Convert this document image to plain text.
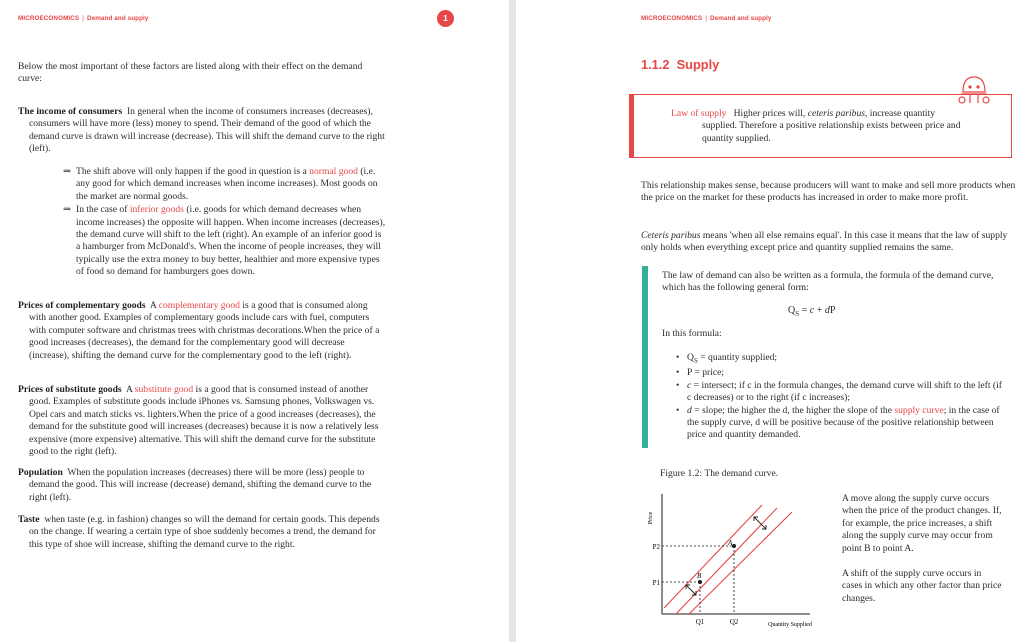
MICROECONOMICS | Demand and supply	1
Below the most important of these factors are listed along with their effect on the demand curve:

The income of consumers In general when the income of consumers increases (decreases), consumers will have more (less) money to spend. Their demand of the good of which the demand curve is drawn will increase (decrease). This will shift the demand curve to the right (left).

⇒ The shift above will only happen if the good in question is a normal good (i.e. any good for which demand increases when income increases). Most goods on the market are normal goods.

⇒ In the case of inferior goods (i.e. goods for which demand decreases when income increases) the opposite will happen. When income increases (decreases), the demand curve will shift to the left (right). An example of an inferior good is a hamburger from McDonald's. When the income of people increases, they will typically use the extra money to buy better, healthier and more expensive types of food so demand for hamburgers goes down.

Prices of complementary goods A complementary good is a good that is consumed along with another good. Examples of complementary goods include cars with fuel, computers with computer software and christmas trees with christmas decorations.When the price of a good increases (decreases), the demand for the complementary good will decrease (increase), shifting the demand curve for the complementary good to the left (right).

Prices of substitute goods A substitute good is a good that is consumed instead of another good. Examples of substitute goods include iPhones vs. Samsung phones, Volkswagen vs. Opel cars and match sticks vs. lighters.When the price of a good increases (decreases), the demand for the substitute good will increases (decreases) because it is now a relatively less expensive (more expensive) alternative. This will shift the demand curve for the substitute good to the right (left).

Population When the population increases (decreases) there will be more (less) people to demand the good. This will increase (decrease) demand, shifting the demand curve to the right (left).

Taste when taste (e.g. in fashion) changes so will the demand for certain goods. This depends on the change. If wearing a certain type of shoe suddenly becomes a trend, the demand for this type of shoe will increase, shifting the demand curve to the right.

MICROECONOMICS | Demand and supply
1.1.2 Supply
Law of supply Higher prices will, ceteris paribus, increase quantity supplied. Therefore a positive relationship exists between price and quantity supplied.
This relationship makes sense, because producers will want to make and sell more products when the price on the market for these products has increased in order to make more profit.
Ceteris paribus means 'when all else remains equal'. In this case it means that the law of supply only holds when everything except price and quantity supplied remains the same.
The law of demand can also be written as a formula, the formula of the demand curve, which has the following general form:
$Q_S = c$ + dP
In this formula:
• $Q_S$ = quantity supplied;
• P = price;
• c = intersect; if c in the formula changes, the demand curve will shift to the left (if c decreases) or to the right (if c increases);
• d = slope; the higher the d, the higher the slope of the supply curve; in the case of the supply curve, d will be positive because of the positive relationship between price and quantity demanded.
Figure 1.2: The demand curve.
Price
Quantity Supplied
A
B
P2
P1
Q1	Q2
A move along the supply curve occurs when the price of the product changes. If, for example, the price increases, a shift along the supply curve may occur from point B to point A.
A shift of the supply curve occurs in cases in which any other factor than price changes.
